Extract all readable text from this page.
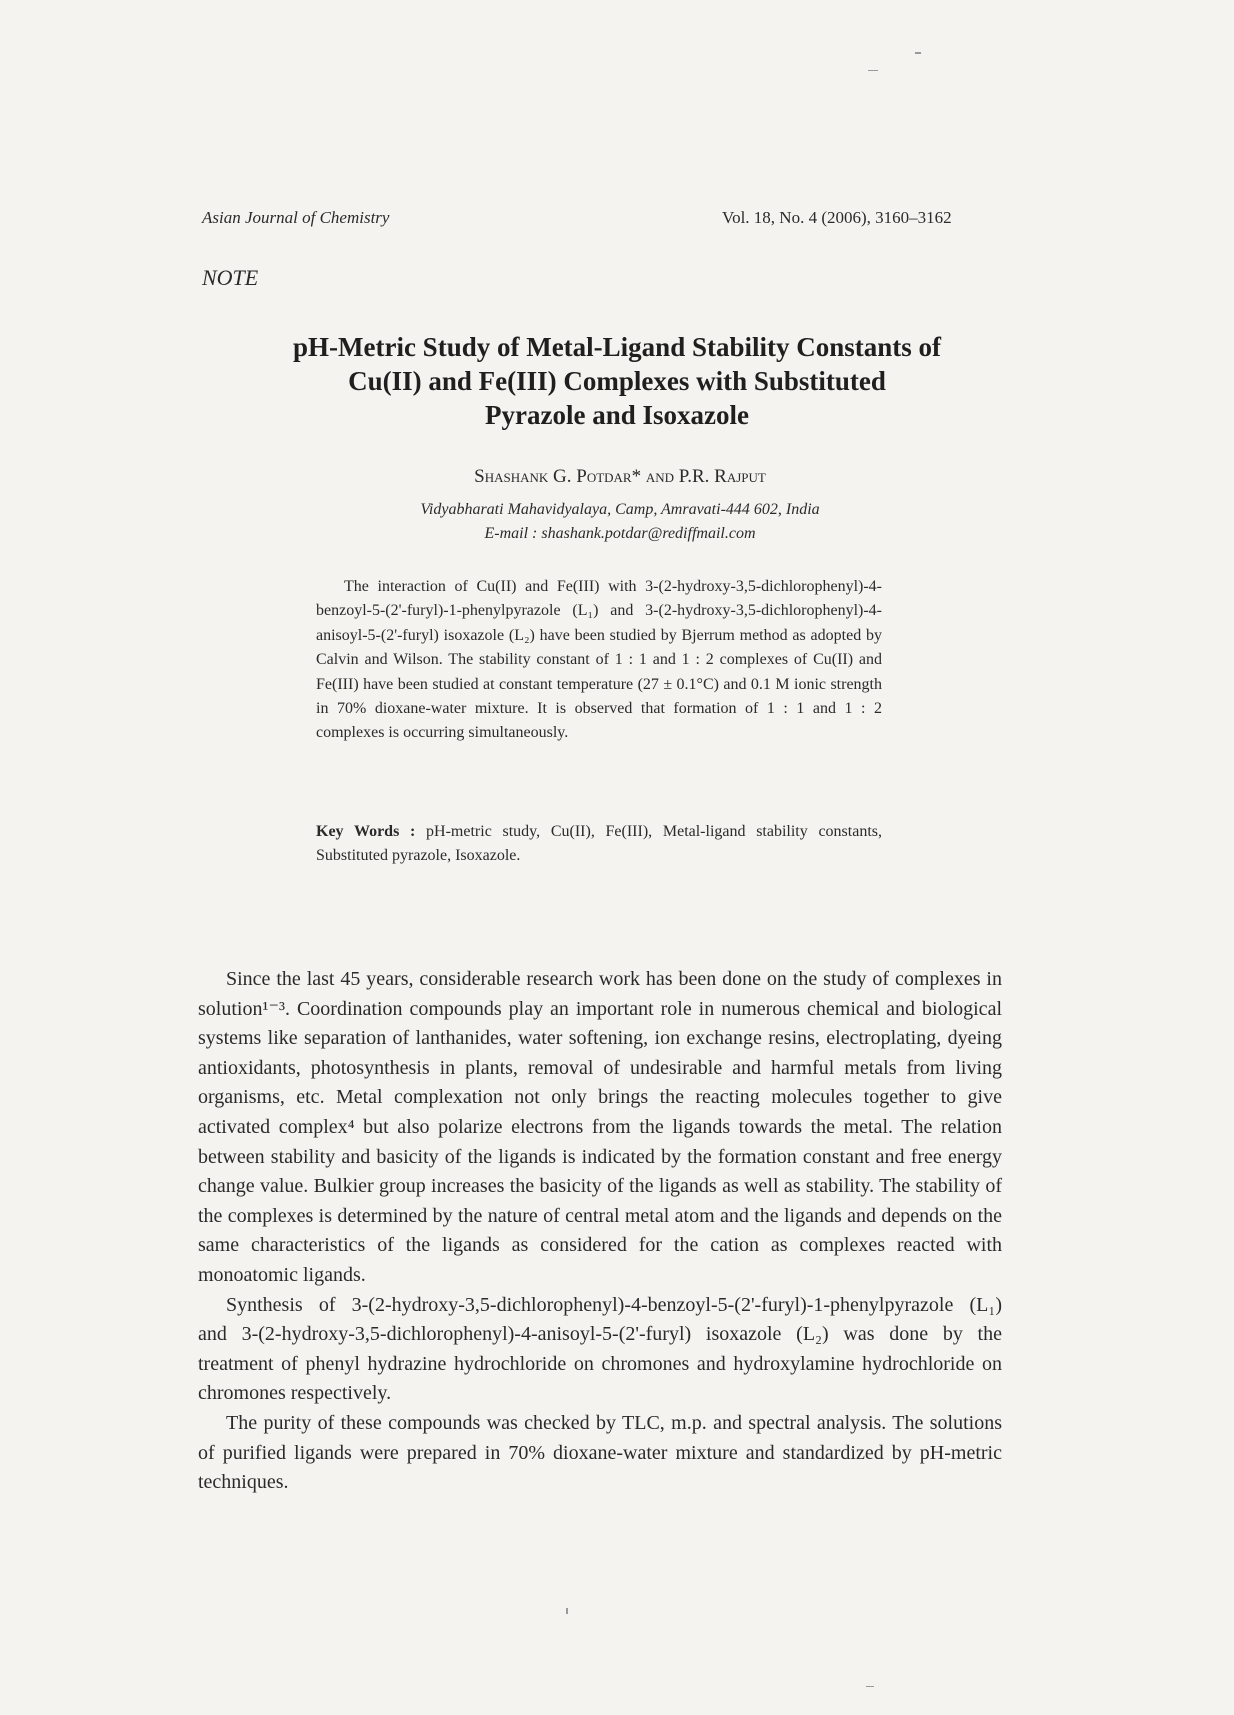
Asian Journal of Chemistry	Vol. 18, No. 4 (2006), 3160–3162
NOTE
pH-Metric Study of Metal-Ligand Stability Constants of
Cu(II) and Fe(III) Complexes with Substituted
Pyrazole and Isoxazole
Shashank G. Potdar* and P.R. Rajput
Vidyabharati Mahavidyalaya, Camp, Amravati-444 602, India
E-mail : shashank.potdar@rediffmail.com

The interaction of Cu(II) and Fe(III) with 3-(2-hydroxy-3,5-dichlorophenyl)-4-benzoyl-5-(2'-furyl)-1-phenylpyrazole (L₁) and 3-(2-hydroxy-3,5-dichlorophenyl)-4-anisoyl-5-(2'-furyl) isoxazole (L₂) have been studied by Bjerrum method as adopted by Calvin and Wilson. The stability constant of 1 : 1 and 1 : 2 complexes of Cu(II) and Fe(III) have been studied at constant temperature (27 ± 0.1°C) and 0.1 M ionic strength in 70% dioxane-water mixture. It is observed that formation of 1 : 1 and 1 : 2 complexes is occurring simultaneously.

Key Words : pH-metric study, Cu(II), Fe(III), Metal-ligand stability constants, Substituted pyrazole, Isoxazole.

Since the last 45 years, considerable research work has been done on the study of complexes in solution¹⁻³. Coordination compounds play an important role in numerous chemical and biological systems like separation of lanthanides, water softening, ion exchange resins, electroplating, dyeing antioxidants, photosynthesis in plants, removal of undesirable and harmful metals from living organisms, etc. Metal complexation not only brings the reacting molecules together to give activated complex⁴ but also polarize electrons from the ligands towards the metal. The relation between stability and basicity of the ligands is indicated by the formation constant and free energy change value. Bulkier group increases the basicity of the ligands as well as stability. The stability of the complexes is determined by the nature of central metal atom and the ligands and depends on the same characteristics of the ligands as considered for the cation as complexes reacted with monoatomic ligands.

Synthesis of 3-(2-hydroxy-3,5-dichlorophenyl)-4-benzoyl-5-(2'-furyl)-1-phenylpyrazole (L₁) and 3-(2-hydroxy-3,5-dichlorophenyl)-4-anisoyl-5-(2'-furyl) isoxazole (L₂) was done by the treatment of phenyl hydrazine hydrochloride on chromones and hydroxylamine hydrochloride on chromones respectively.

The purity of these compounds was checked by TLC, m.p. and spectral analysis. The solutions of purified ligands were prepared in 70% dioxane-water mixture and standardized by pH-metric techniques.
